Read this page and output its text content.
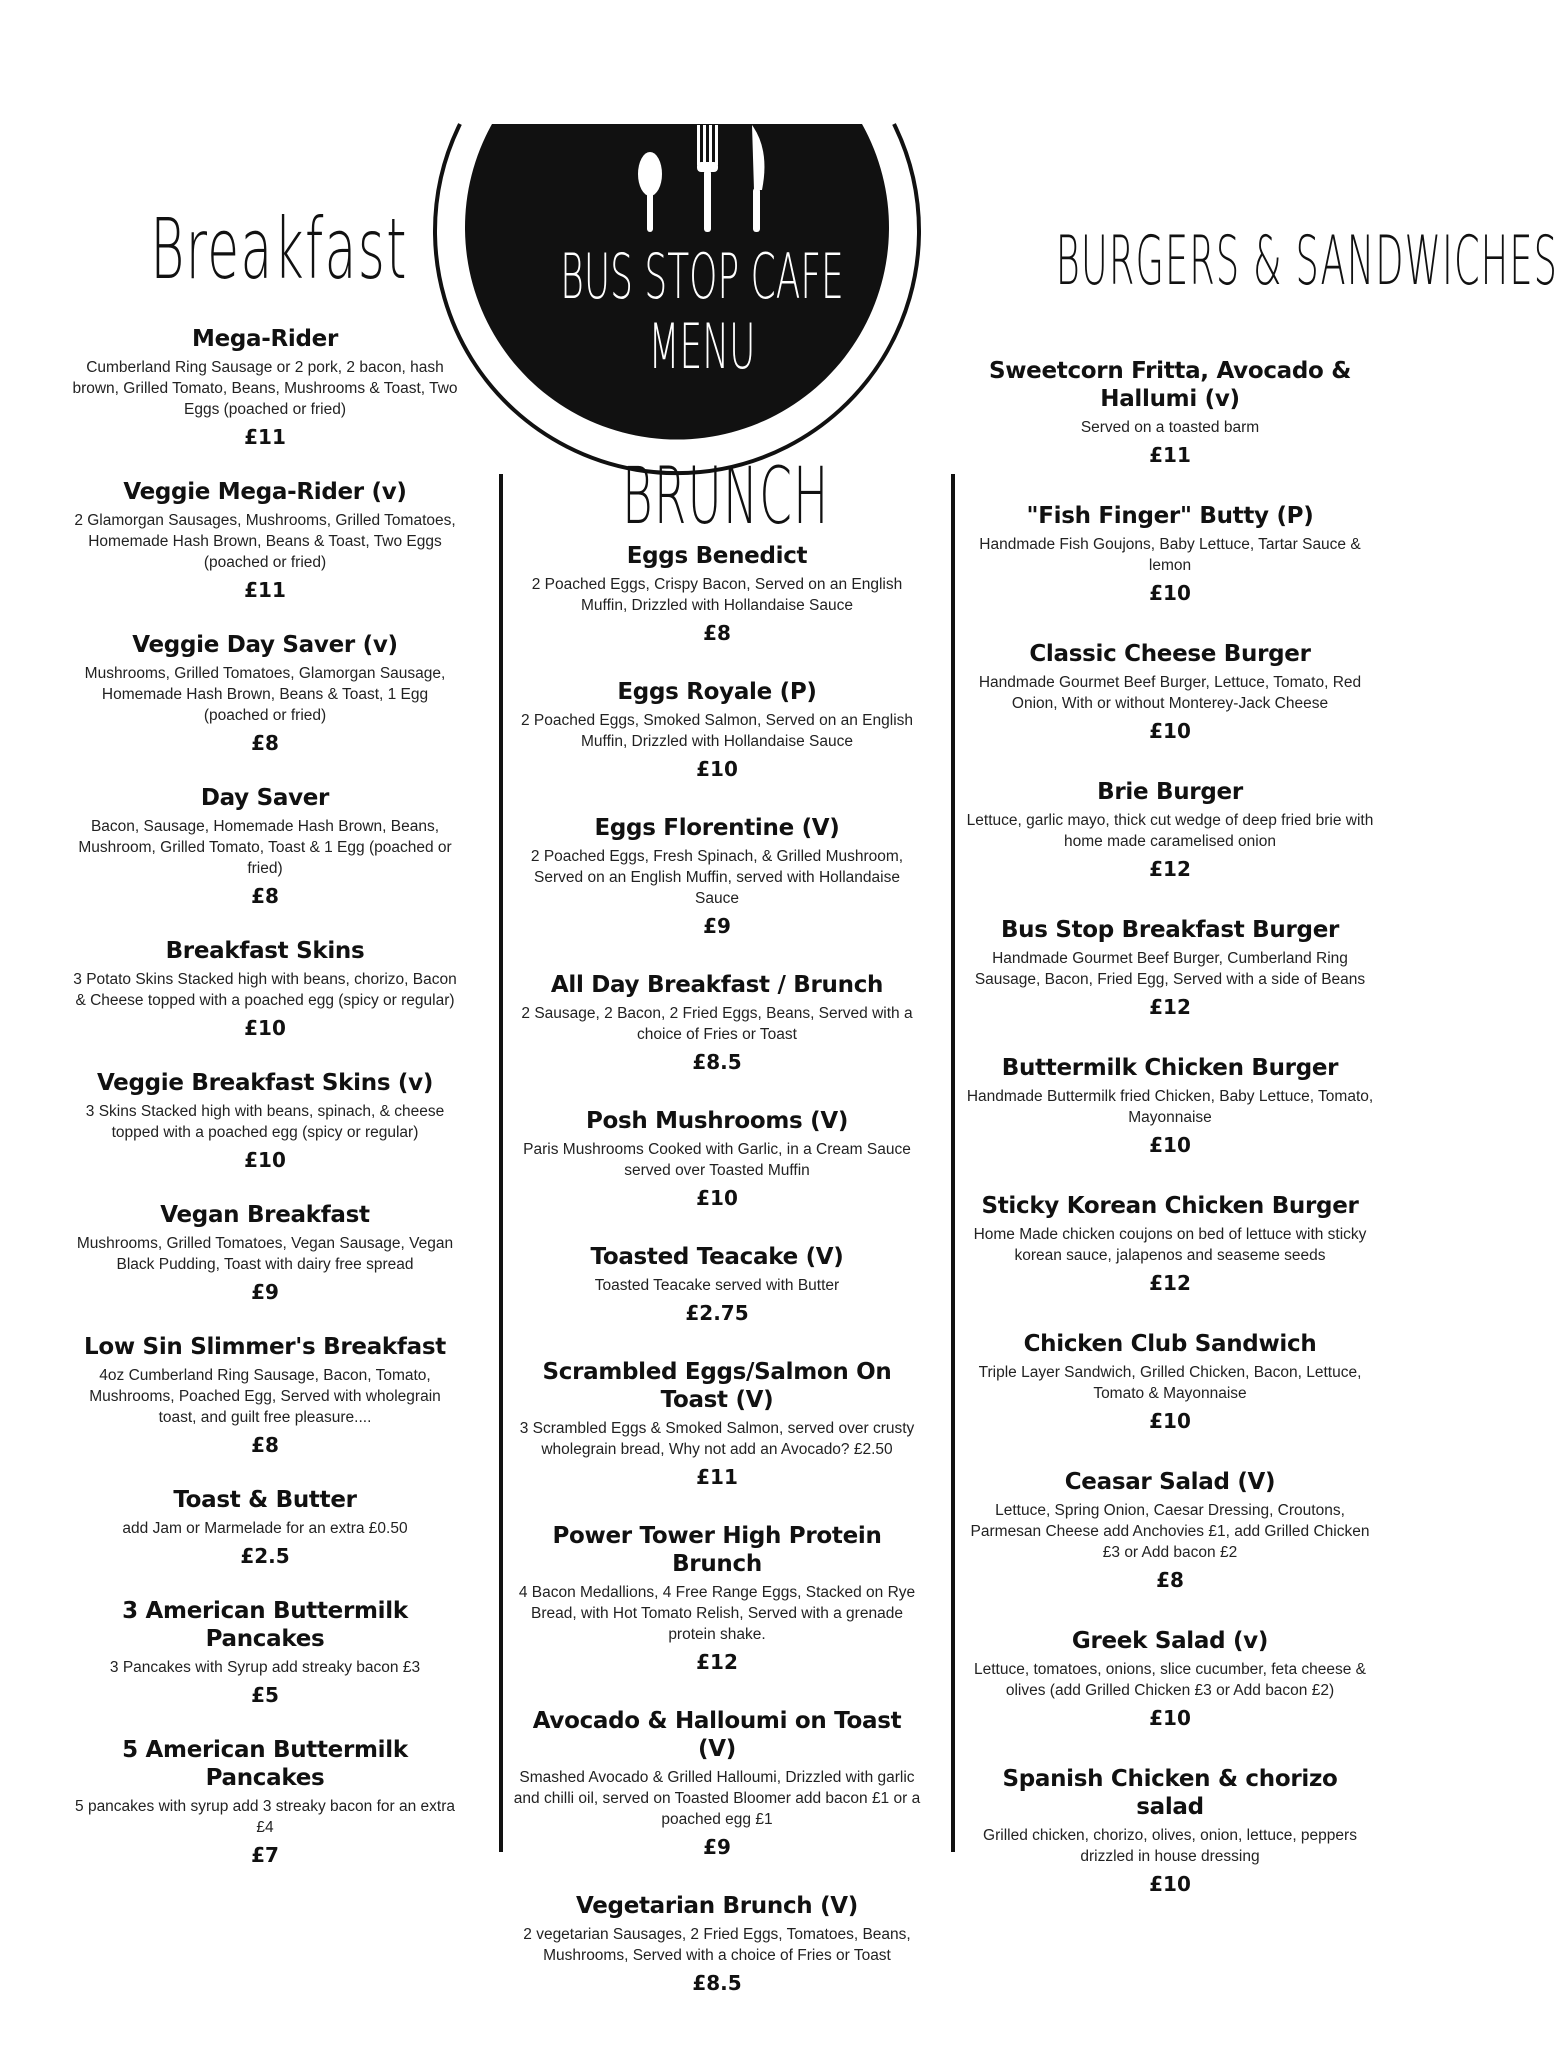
BUS STOP CAFE
MENU
Breakfast
BRUNCH
BURGERS & SANDWICHES
Mega-Rider
Cumberland Ring Sausage or 2 pork, 2 bacon, hash brown, Grilled Tomato, Beans, Mushrooms & Toast, Two Eggs (poached or fried)
£11
Veggie Mega-Rider (v)
2 Glamorgan Sausages, Mushrooms, Grilled Tomatoes, Homemade Hash Brown, Beans & Toast, Two Eggs (poached or fried)
£11
Veggie Day Saver (v)
Mushrooms, Grilled Tomatoes, Glamorgan Sausage, Homemade Hash Brown, Beans & Toast, 1 Egg (poached or fried)
£8
Day Saver
Bacon, Sausage, Homemade Hash Brown, Beans, Mushroom, Grilled Tomato, Toast & 1 Egg (poached or fried)
£8
Breakfast Skins
3 Potato Skins Stacked high with beans, chorizo, Bacon & Cheese topped with a poached egg (spicy or regular)
£10
Veggie Breakfast Skins (v)
3 Skins Stacked high with beans, spinach, & cheese topped with a poached egg (spicy or regular)
£10
Vegan Breakfast
Mushrooms, Grilled Tomatoes, Vegan Sausage, Vegan Black Pudding, Toast with dairy free spread
£9
Low Sin Slimmer's Breakfast
4oz Cumberland Ring Sausage, Bacon, Tomato, Mushrooms, Poached Egg, Served with wholegrain toast, and guilt free pleasure....
£8
Toast & Butter
add Jam or Marmelade for an extra £0.50
£2.5
3 American Buttermilk Pancakes
3 Pancakes with Syrup add streaky bacon £3
£5
5 American Buttermilk Pancakes
5 pancakes with syrup add 3 streaky bacon for an extra £4
£7
Eggs Benedict
2 Poached Eggs, Crispy Bacon, Served on an English Muffin, Drizzled with Hollandaise Sauce
£8
Eggs Royale (P)
2 Poached Eggs, Smoked Salmon, Served on an English Muffin, Drizzled with Hollandaise Sauce
£10
Eggs Florentine (V)
2 Poached Eggs, Fresh Spinach, & Grilled Mushroom, Served on an English Muffin, served with Hollandaise Sauce
£9
All Day Breakfast / Brunch
2 Sausage, 2 Bacon, 2 Fried Eggs, Beans, Served with a choice of Fries or Toast
£8.5
Posh Mushrooms (V)
Paris Mushrooms Cooked with Garlic, in a Cream Sauce served over Toasted Muffin
£10
Toasted Teacake (V)
Toasted Teacake served with Butter
£2.75
Scrambled Eggs/Salmon On Toast (V)
3 Scrambled Eggs & Smoked Salmon, served over crusty wholegrain bread, Why not add an Avocado? £2.50
£11
Power Tower High Protein Brunch
4 Bacon Medallions, 4 Free Range Eggs, Stacked on Rye Bread, with Hot Tomato Relish, Served with a grenade protein shake.
£12
Avocado & Halloumi on Toast (V)
Smashed Avocado & Grilled Halloumi, Drizzled with garlic and chilli oil, served on Toasted Bloomer add bacon £1 or a poached egg £1
£9
Vegetarian Brunch (V)
2 vegetarian Sausages, 2 Fried Eggs, Tomatoes, Beans, Mushrooms, Served with a choice of Fries or Toast
£8.5
Sweetcorn Fritta, Avocado & Hallumi (v)
Served on a toasted barm
£11
"Fish Finger" Butty (P)
Handmade Fish Goujons, Baby Lettuce, Tartar Sauce & lemon
£10
Classic Cheese Burger
Handmade Gourmet Beef Burger, Lettuce, Tomato, Red Onion, With or without Monterey-Jack Cheese
£10
Brie Burger
Lettuce, garlic mayo, thick cut wedge of deep fried brie with home made caramelised onion
£12
Bus Stop Breakfast Burger
Handmade Gourmet Beef Burger, Cumberland Ring Sausage, Bacon, Fried Egg, Served with a side of Beans
£12
Buttermilk Chicken Burger
Handmade Buttermilk fried Chicken, Baby Lettuce, Tomato, Mayonnaise
£10
Sticky Korean Chicken Burger
Home Made chicken coujons on bed of lettuce with sticky korean sauce, jalapenos and seaseme seeds
£12
Chicken Club Sandwich
Triple Layer Sandwich, Grilled Chicken, Bacon, Lettuce, Tomato & Mayonnaise
£10
Ceasar Salad (V)
Lettuce, Spring Onion, Caesar Dressing, Croutons, Parmesan Cheese add Anchovies £1, add Grilled Chicken £3 or Add bacon £2
£8
Greek Salad (v)
Lettuce, tomatoes, onions, slice cucumber, feta cheese & olives (add Grilled Chicken £3 or Add bacon £2)
£10
Spanish Chicken & chorizo salad
Grilled chicken, chorizo, olives, onion, lettuce, peppers drizzled in house dressing
£10
